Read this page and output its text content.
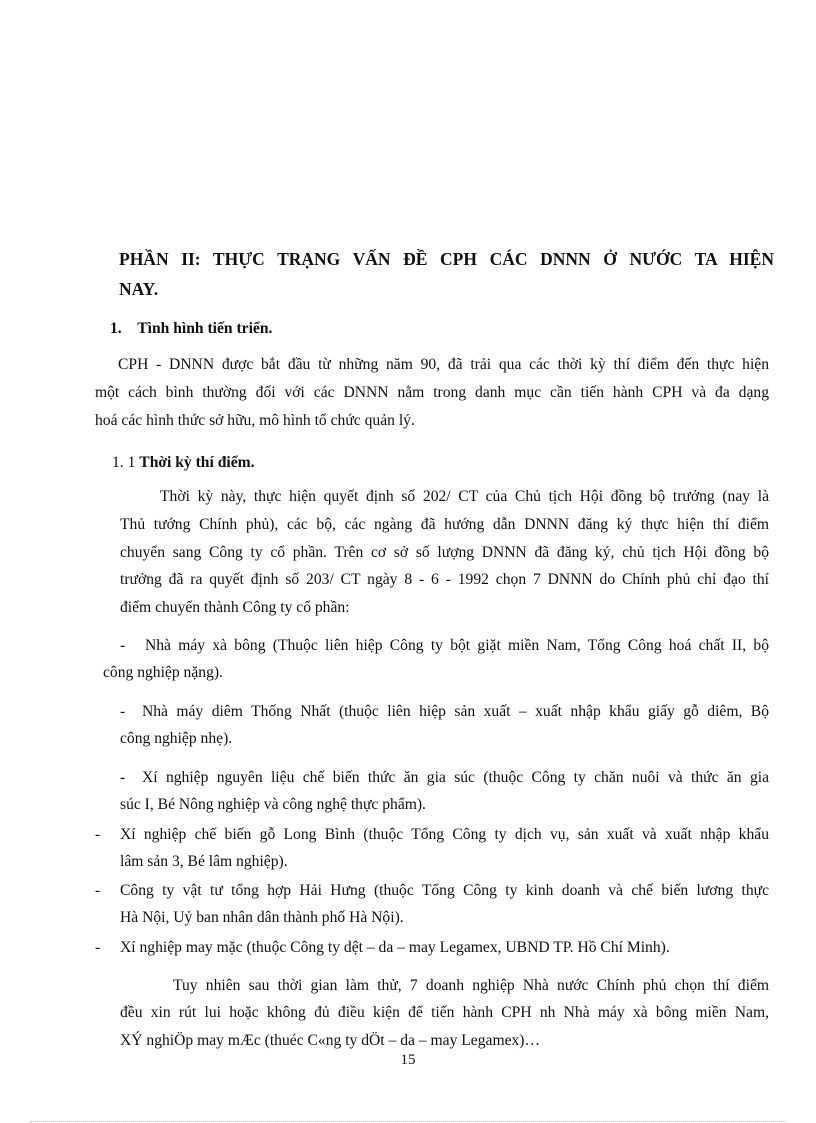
PHẦN II: THỰC TRẠNG VẤN ĐỀ CPH CÁC DNNN Ở NƯỚC TA HIỆN
NAY.
1. Tình hình tiến triển.
CPH - DNNN được bắt đầu từ những năm 90, đã trải qua các thời kỳ thí điểm đến thực hiện
một cách bình thường đối với các DNNN nằm trong danh mục cần tiến hành CPH và đa dạng
hoá các hình thức sở hữu, mô hình tổ chức quản lý.
1. 1 Thời kỳ thí điểm.
Thời kỳ này, thực hiện quyết định số 202/ CT của Chủ tịch Hội đồng bộ trưởng (nay là
Thủ tướng Chính phủ), các bộ, các ngàng đã hướng dẫn DNNN đăng ký thực hiện thí điểm
chuyển sang Công ty cổ phần. Trên cơ sở số lượng DNNN đã đăng ký, chủ tịch Hội đồng bộ
trưởng đã ra quyết định số 203/ CT ngày 8 - 6 - 1992 chọn 7 DNNN do Chính phủ chỉ đạo thí
điểm chuyển thành Công ty cổ phần:
- Nhà máy xà bông (Thuộc liên hiệp Công ty bột giặt miền Nam, Tổng Công hoá chất II, bộ
công nghiệp nặng).
- Nhà máy diêm Thống Nhất (thuộc liên hiệp sản xuất – xuất nhập khẩu giấy gỗ diêm, Bộ
công nghiệp nhẹ).
- Xí nghiệp nguyên liệu chế biến thức ăn gia súc (thuộc Công ty chăn nuôi và thức ăn gia
súc I, Bé Nông nghiệp và công nghệ thực phẩm).
- Xí nghiệp chế biến gỗ Long Bình (thuộc Tổng Công ty dịch vụ, sản xuất và xuất nhập khẩu
lâm sản 3, Bé lâm nghiệp).
- Công ty vật tư tổng hợp Hải Hưng (thuộc Tổng Công ty kinh doanh và chế biến lương thực
Hà Nội, Uỷ ban nhân dân thành phố Hà Nội).
- Xí nghiệp may mặc (thuộc Công ty dệt – da – may Legamex, UBND TP. Hồ Chí Minh).
Tuy nhiên sau thời gian làm thử, 7 doanh nghiệp Nhà nước Chính phủ chọn thí điểm
đều xin rút lui hoặc không đủ điều kiện để tiến hành CPH nh Nhà máy xà bông miền Nam,
XÝ nghiÖp may mÆc (thuéc C«ng ty dÖt – da – may Legamex)…
15
